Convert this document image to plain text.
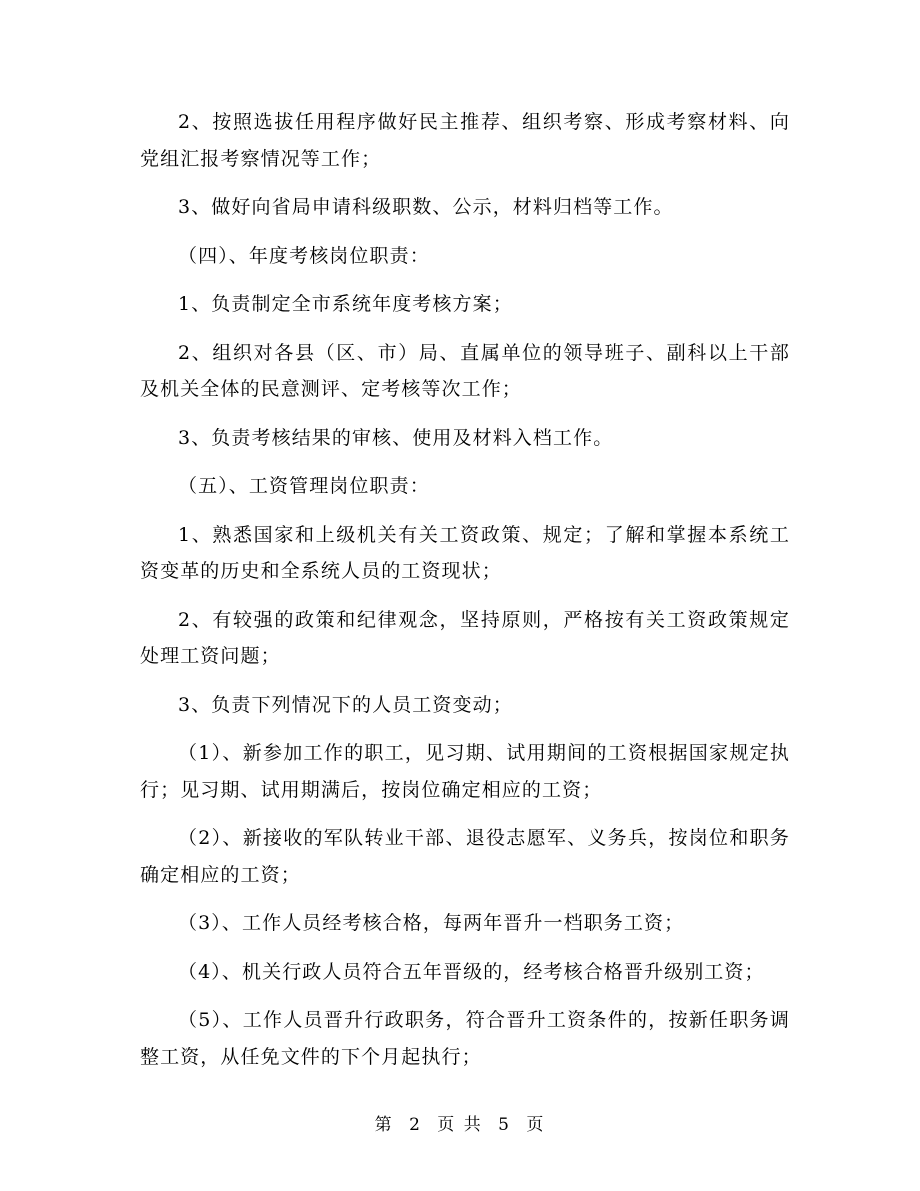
2、按照选拔任用程序做好民主推荐、组织考察、形成考察材料、向党组汇报考察情况等工作；

3、做好向省局申请科级职数、公示，材料归档等工作。

（四）、年度考核岗位职责：

1、负责制定全市系统年度考核方案；

2、组织对各县（区、市）局、直属单位的领导班子、副科以上干部及机关全体的民意测评、定考核等次工作；

3、负责考核结果的审核、使用及材料入档工作。

（五）、工资管理岗位职责：

1、熟悉国家和上级机关有关工资政策、规定；了解和掌握本系统工资变革的历史和全系统人员的工资现状；

2、有较强的政策和纪律观念，坚持原则，严格按有关工资政策规定处理工资问题；

3、负责下列情况下的人员工资变动；

（1）、新参加工作的职工，见习期、试用期间的工资根据国家规定执行；见习期、试用期满后，按岗位确定相应的工资；

（2）、新接收的军队转业干部、退役志愿军、义务兵，按岗位和职务确定相应的工资；

（3）、工作人员经考核合格，每两年晋升一档职务工资；

（4）、机关行政人员符合五年晋级的，经考核合格晋升级别工资；

（5）、工作人员晋升行政职务，符合晋升工资条件的，按新任职务调整工资，从任免文件的下个月起执行；

第 2 页 共 5 页
